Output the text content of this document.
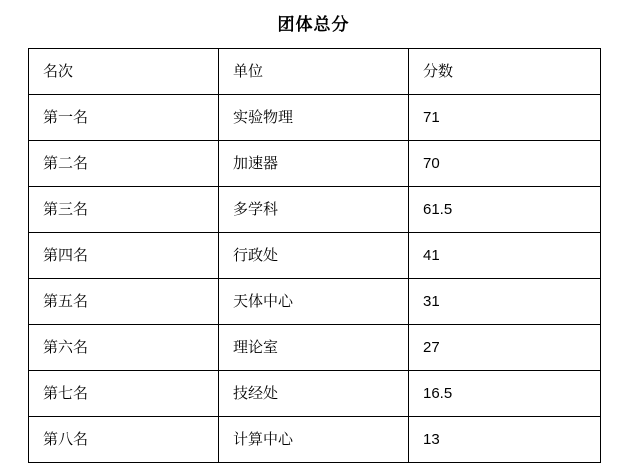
团体总分
名次	单位	分数
第一名	实验物理	71
第二名	加速器	70
第三名	多学科	61.5
第四名	行政处	41
第五名	天体中心	31
第六名	理论室	27
第七名	技经处	16.5
第八名	计算中心	13
